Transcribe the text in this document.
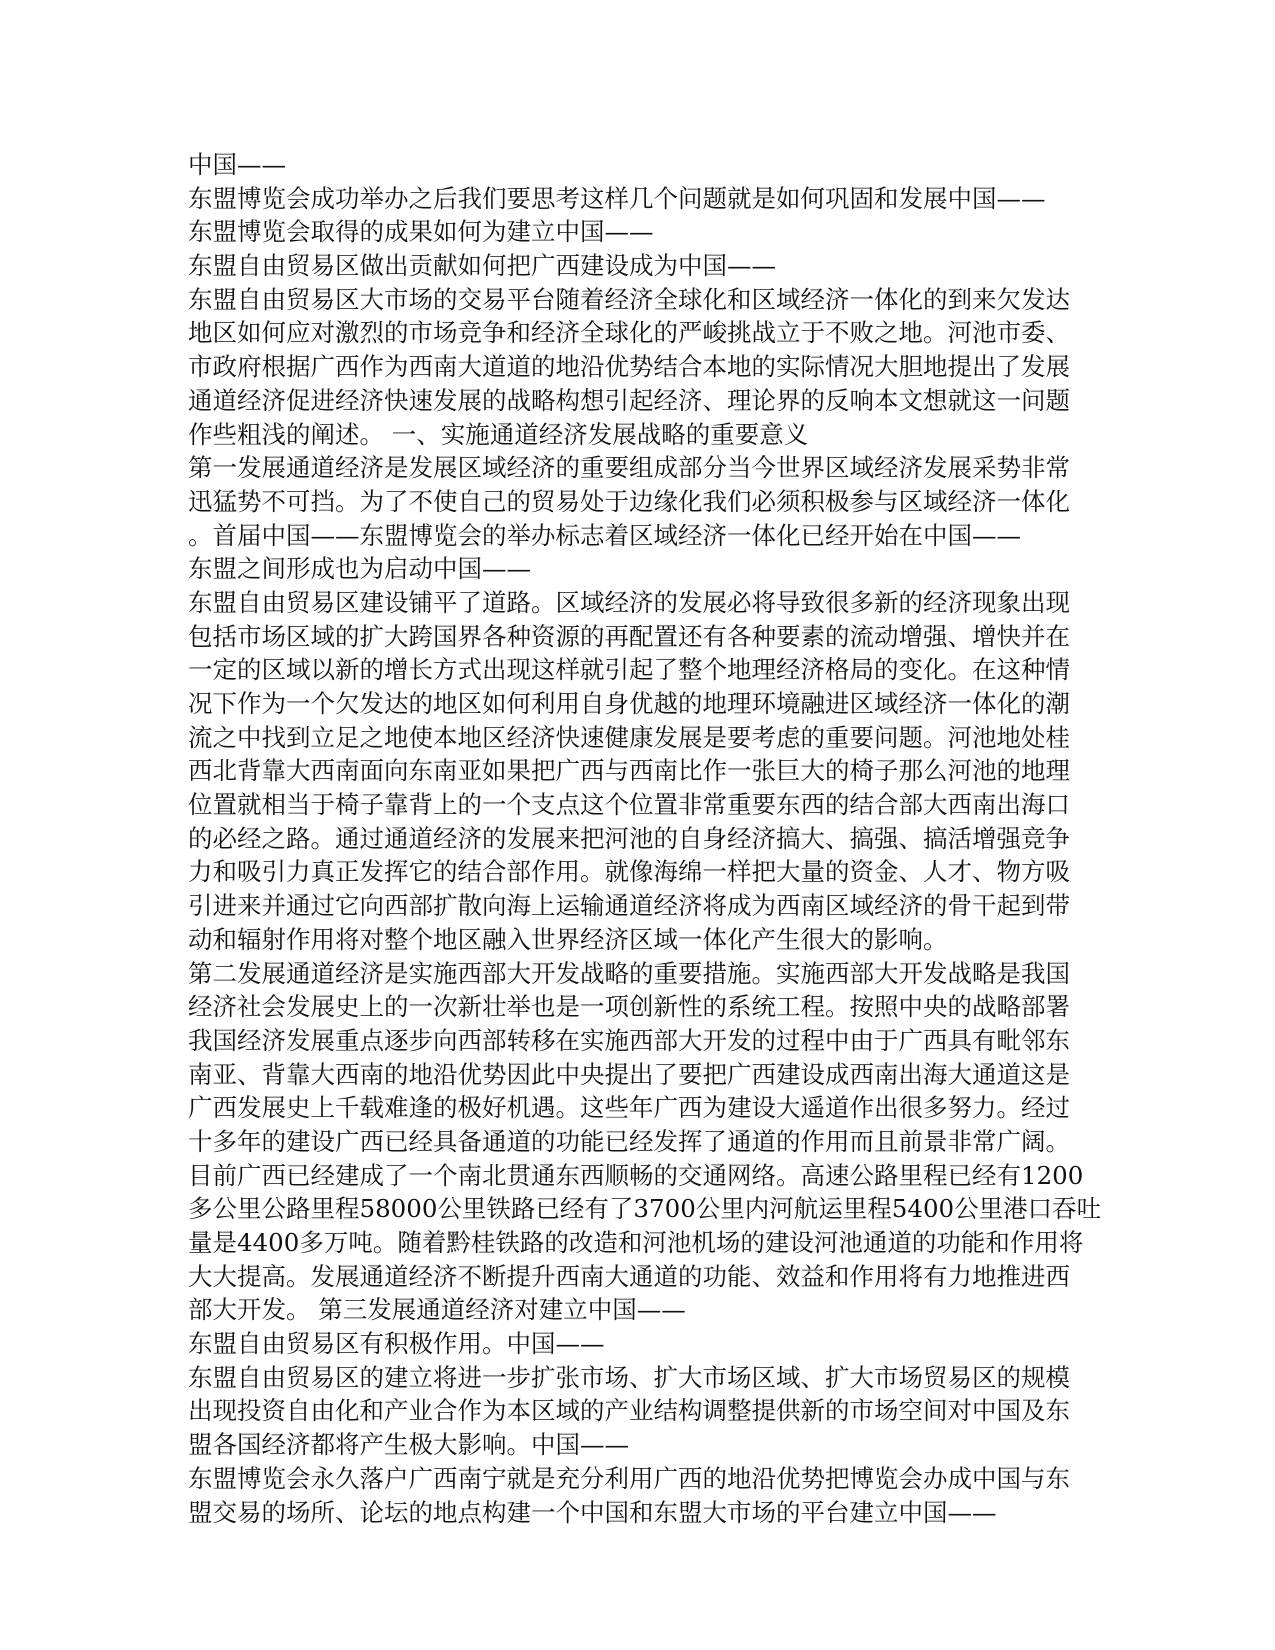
中国——
东盟博览会成功举办之后我们要思考这样几个问题就是如何巩固和发展中国——
东盟博览会取得的成果如何为建立中国——
东盟自由贸易区做出贡献如何把广西建设成为中国——
东盟自由贸易区大市场的交易平台随着经济全球化和区域经济一体化的到来欠发达
地区如何应对激烈的市场竞争和经济全球化的严峻挑战立于不败之地。河池市委、
市政府根据广西作为西南大道道的地沿优势结合本地的实际情况大胆地提出了发展
通道经济促进经济快速发展的战略构想引起经济、理论界的反响本文想就这一问题
作些粗浅的阐述。 一、实施通道经济发展战略的重要意义
第一发展通道经济是发展区域经济的重要组成部分当今世界区域经济发展采势非常
迅猛势不可挡。为了不使自己的贸易处于边缘化我们必须积极参与区域经济一体化
。首届中国——东盟博览会的举办标志着区域经济一体化已经开始在中国——
东盟之间形成也为启动中国——
东盟自由贸易区建设铺平了道路。区域经济的发展必将导致很多新的经济现象出现
包括市场区域的扩大跨国界各种资源的再配置还有各种要素的流动增强、增快并在
一定的区域以新的增长方式出现这样就引起了整个地理经济格局的变化。在这种情
况下作为一个欠发达的地区如何利用自身优越的地理环境融进区域经济一体化的潮
流之中找到立足之地使本地区经济快速健康发展是要考虑的重要问题。河池地处桂
西北背靠大西南面向东南亚如果把广西与西南比作一张巨大的椅子那么河池的地理
位置就相当于椅子靠背上的一个支点这个位置非常重要东西的结合部大西南出海口
的必经之路。通过通道经济的发展来把河池的自身经济搞大、搞强、搞活增强竞争
力和吸引力真正发挥它的结合部作用。就像海绵一样把大量的资金、人才、物方吸
引进来并通过它向西部扩散向海上运输通道经济将成为西南区域经济的骨干起到带
动和辐射作用将对整个地区融入世界经济区域一体化产生很大的影响。
第二发展通道经济是实施西部大开发战略的重要措施。实施西部大开发战略是我国
经济社会发展史上的一次新壮举也是一项创新性的系统工程。按照中央的战略部署
我国经济发展重点逐步向西部转移在实施西部大开发的过程中由于广西具有毗邻东
南亚、背靠大西南的地沿优势因此中央提出了要把广西建设成西南出海大通道这是
广西发展史上千载难逢的极好机遇。这些年广西为建设大遥道作出很多努力。经过
十多年的建设广西已经具备通道的功能已经发挥了通道的作用而且前景非常广阔。
目前广西已经建成了一个南北贯通东西顺畅的交通网络。高速公路里程已经有1200
多公里公路里程58000公里铁路已经有了3700公里内河航运里程5400公里港口吞吐
量是4400多万吨。随着黔桂铁路的改造和河池机场的建设河池通道的功能和作用将
大大提高。发展通道经济不断提升西南大通道的功能、效益和作用将有力地推进西
部大开发。 第三发展通道经济对建立中国——
东盟自由贸易区有积极作用。中国——
东盟自由贸易区的建立将进一步扩张市场、扩大市场区域、扩大市场贸易区的规模
出现投资自由化和产业合作为本区域的产业结构调整提供新的市场空间对中国及东
盟各国经济都将产生极大影响。中国——
东盟博览会永久落户广西南宁就是充分利用广西的地沿优势把博览会办成中国与东
盟交易的场所、论坛的地点构建一个中国和东盟大市场的平台建立中国——
